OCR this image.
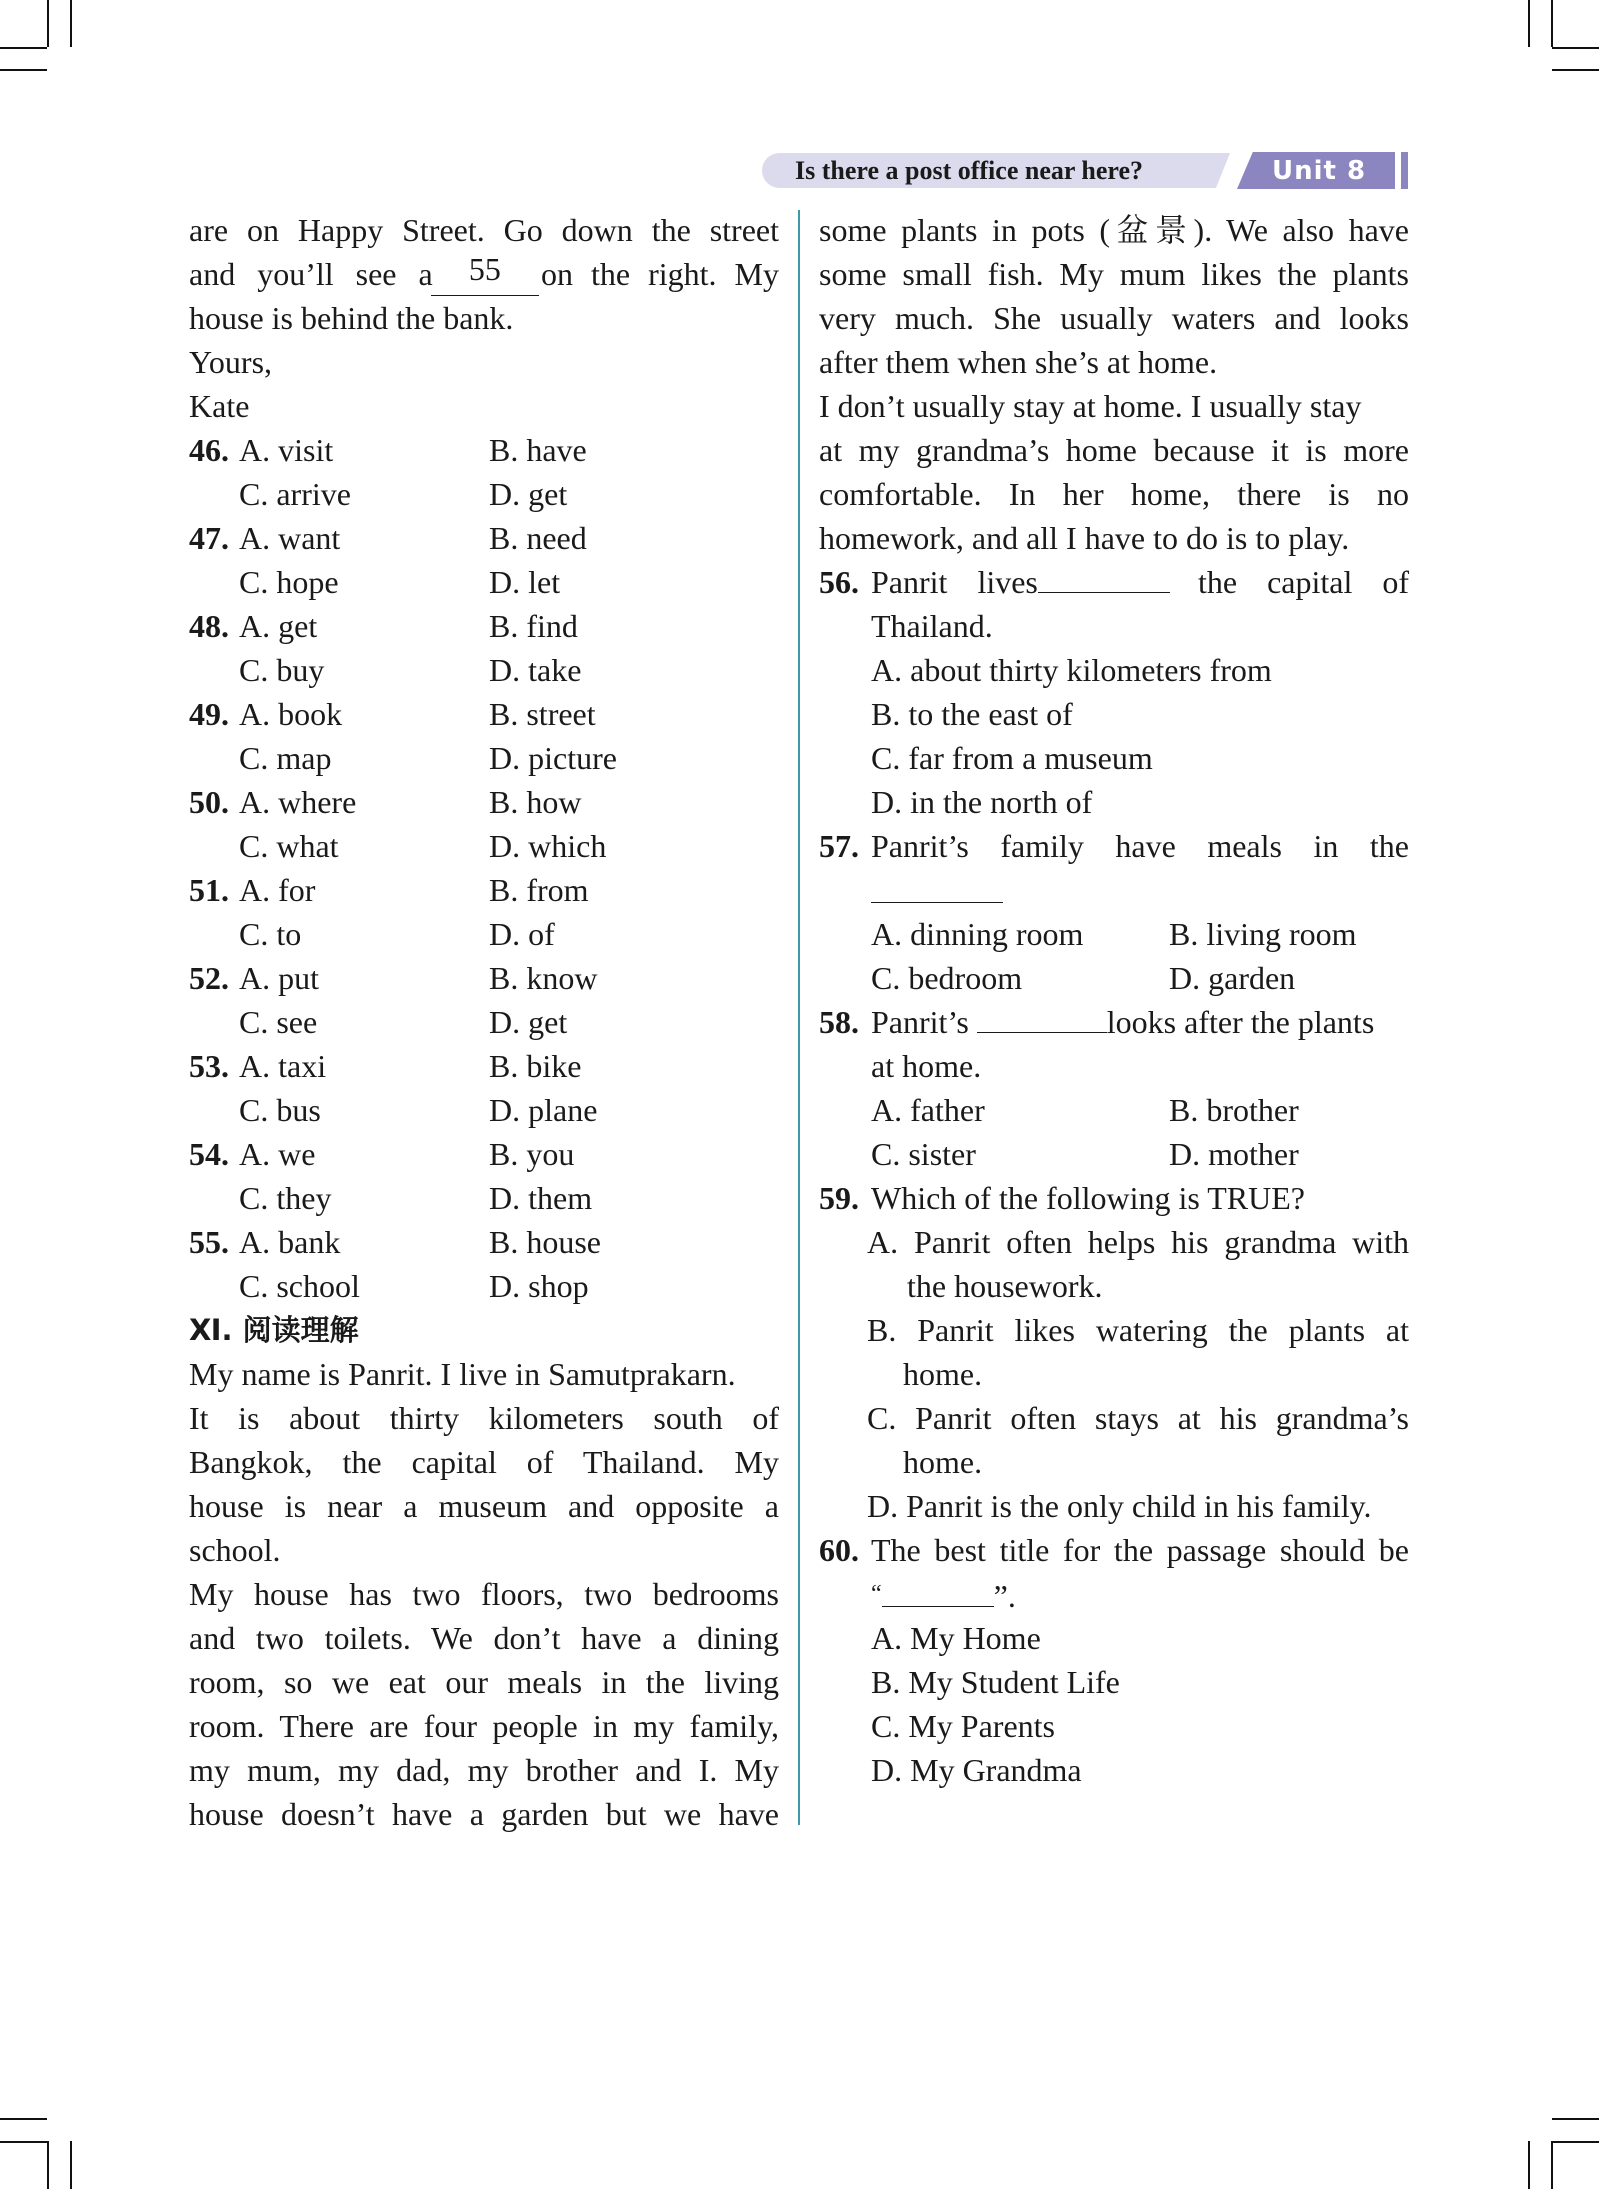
Is there a post office near here?	Unit 8
are on Happy Street. Go down the street
and you’ll see a	55	on the right. My
house is behind the bank.
Yours,
Kate
46. A. visit	B. have
C. arrive	D. get
47. A. want	B. need
C. hope	D. let
48. A. get	B. find
C. buy	D. take
49. A. book	B. street
C. map	D. picture
50. A. where	B. how
C. what	D. which
51. A. for	B. from
C. to	D. of
52. A. put	B. know
C. see	D. get
53. A. taxi	B. bike
C. bus	D. plane
54. A. we	B. you
C. they	D. them
55. A. bank	B. house
C. school	D. shop
Ⅺ. 阅读理解
My name is Panrit. I live in Samutprakarn.
It is about thirty kilometers south of
Bangkok, the capital of Thailand. My
house is near a museum and opposite a
school.
My house has two floors, two bedrooms
and two toilets. We don’t have a dining
room, so we eat our meals in the living
room. There are four people in my family,
my mum, my dad, my brother and I. My
house doesn’t have a garden but we have
some plants in pots (盆景). We also have
some small fish. My mum likes the plants
very much. She usually waters and looks
after them when she’s at home.
I don’t usually stay at home. I usually stay
at my grandma’s home because it is more
comfortable. In her home, there is no
homework, and all I have to do is to play.
56. Panrit lives	the capital of
Thailand.
A. about thirty kilometers from
B. to the east of
C. far from a museum
D. in the north of
57. Panrit’s family have meals in the
A. dinning room	B. living room
C. bedroom	D. garden
58. Panrit’s	looks after the plants
at home.
A. father	B. brother
C. sister	D. mother
59. Which of the following is TRUE?
A. Panrit often helps his grandma with
the housework.
B. Panrit likes watering the plants at
home.
C. Panrit often stays at his grandma’s
home.
D. Panrit is the only child in his family.
60. The best title for the passage should be
“	”.
A. My Home
B. My Student Life
C. My Parents
D. My Grandma
